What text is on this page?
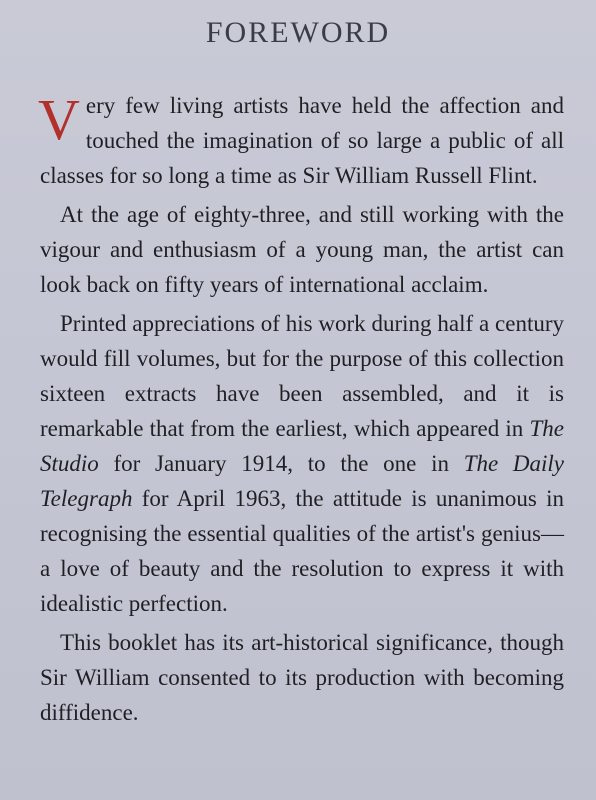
FOREWORD

Very few living artists have held the affection and touched the imagination of so large a public of all classes for so long a time as Sir William Russell Flint.

At the age of eighty-three, and still working with the vigour and enthusiasm of a young man, the artist can look back on fifty years of international acclaim.

Printed appreciations of his work during half a century would fill volumes, but for the purpose of this collection sixteen extracts have been assembled, and it is remarkable that from the earliest, which appeared in The Studio for January 1914, to the one in The Daily Telegraph for April 1963, the attitude is unanimous in recognising the essential qualities of the artist's genius—a love of beauty and the resolution to express it with idealistic perfection.

This booklet has its art-historical significance, though Sir William consented to its production with becoming diffidence.
